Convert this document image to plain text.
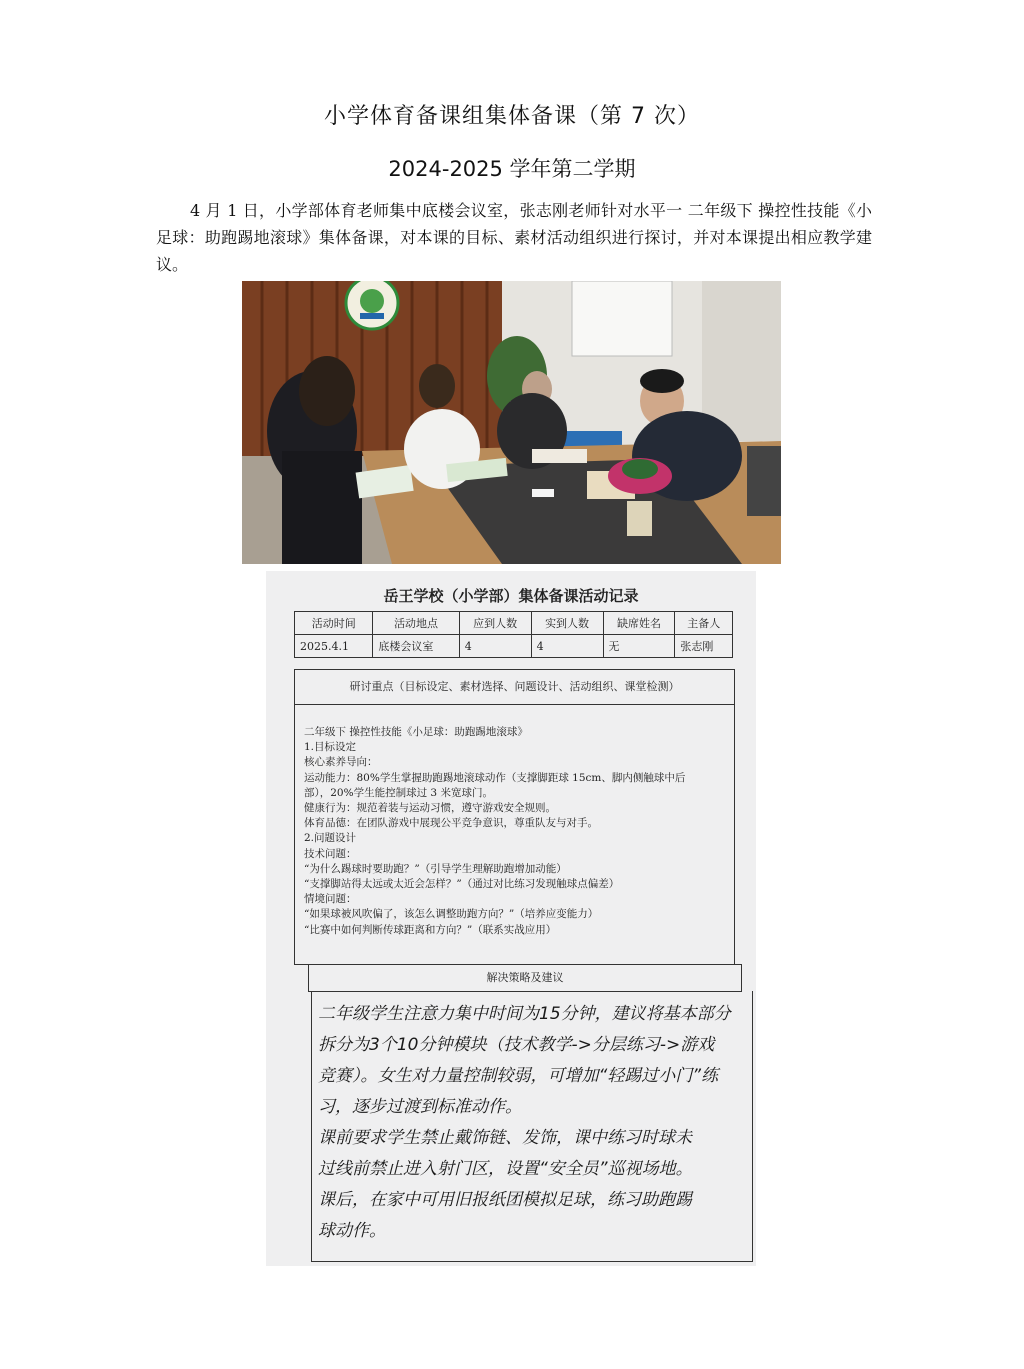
小学体育备课组集体备课（第 7 次）
2024-2025 学年第二学期
4 月 1 日，小学部体育老师集中底楼会议室，张志刚老师针对水平一 二年级下 操控性技能《小足球：助跑踢地滚球》集体备课，对本课的目标、素材活动组织进行探讨，并对本课提出相应教学建议。
岳王学校（小学部）集体备课活动记录
活动时间	活动地点	应到人数	实到人数	缺席姓名	主备人
2025.4.1	底楼会议室	4	4	无	张志刚
研讨重点（目标设定、素材选择、问题设计、活动组织、课堂检测）
二年级下 操控性技能《小足球：助跑踢地滚球》
1.目标设定
核心素养导向：
运动能力：80%学生掌握助跑踢地滚球动作（支撑脚距球 15cm、脚内侧触球中后
部），20%学生能控制球过 3 米宽球门。
健康行为：规范着装与运动习惯，遵守游戏安全规则。
体育品德：在团队游戏中展现公平竞争意识，尊重队友与对手。
2.问题设计
技术问题：
“为什么踢球时要助跑？”（引导学生理解助跑增加动能）
“支撑脚站得太远或太近会怎样？”（通过对比练习发现触球点偏差）
情境问题：
“如果球被风吹偏了，该怎么调整助跑方向？”（培养应变能力）
“比赛中如何判断传球距离和方向？”（联系实战应用）
解决策略及建议
二年级学生注意力集中时间为15分钟，建议将基本部分
拆分为3个10分钟模块（技术教学->分层练习->游戏
竞赛）。女生对力量控制较弱，可增加“轻踢过小门”练
习，逐步过渡到标准动作。
课前要求学生禁止戴饰链、发饰，课中练习时球未
过线前禁止进入射门区，设置“安全员”巡视场地。
课后，在家中可用旧报纸团模拟足球，练习助跑踢
球动作。
